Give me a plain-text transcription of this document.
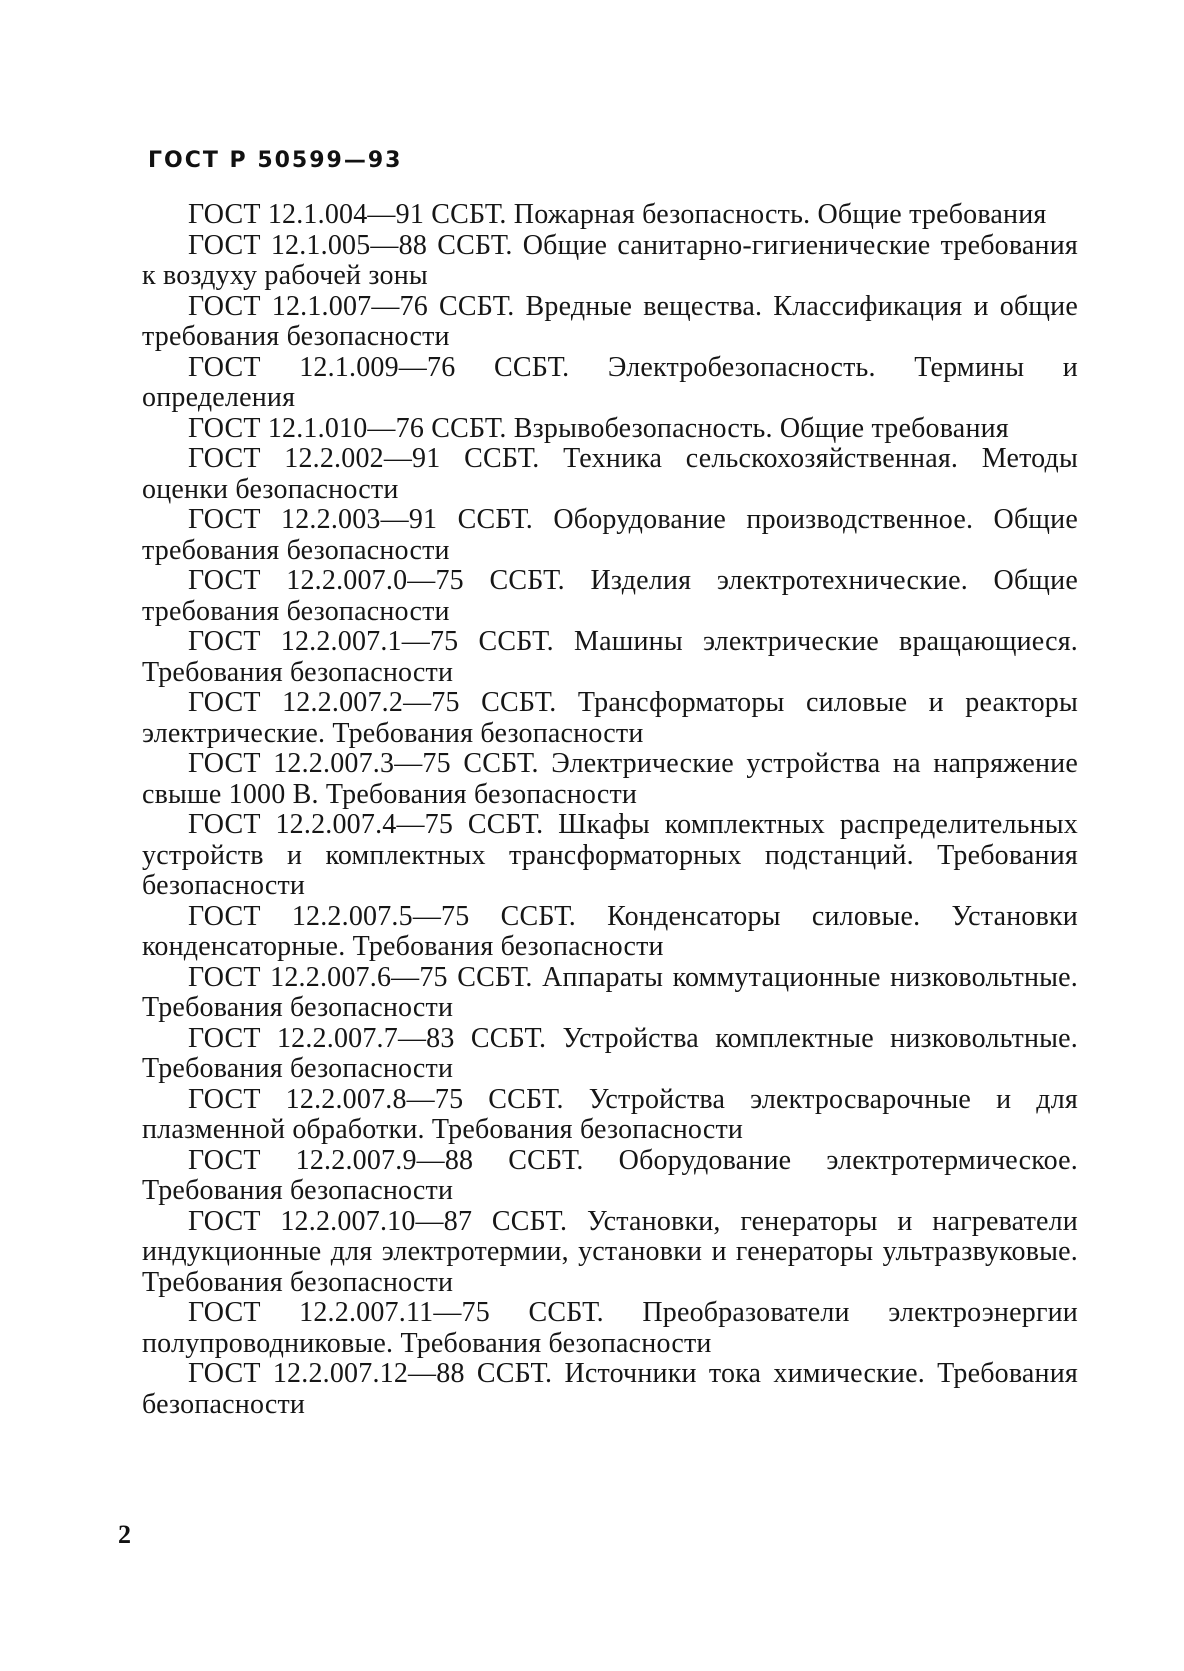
ГОСТ Р 50599—93
ГОСТ 12.1.004—91 ССБТ. Пожарная безопасность. Общие требования
ГОСТ 12.1.005—88 ССБТ. Общие санитарно-гигиенические требования к воздуху рабочей зоны
ГОСТ 12.1.007—76 ССБТ. Вредные вещества. Классификация и общие требования безопасности
ГОСТ 12.1.009—76 ССБТ. Электробезопасность. Термины и определения
ГОСТ 12.1.010—76 ССБТ. Взрывобезопасность. Общие требования
ГОСТ 12.2.002—91 ССБТ. Техника сельскохозяйственная. Методы оценки безопасности
ГОСТ 12.2.003—91 ССБТ. Оборудование производственное. Общие требования безопасности
ГОСТ 12.2.007.0—75 ССБТ. Изделия электротехнические. Общие требования безопасности
ГОСТ 12.2.007.1—75 ССБТ. Машины электрические вращающиеся. Требования безопасности
ГОСТ 12.2.007.2—75 ССБТ. Трансформаторы силовые и реакторы электрические. Требования безопасности
ГОСТ 12.2.007.3—75 ССБТ. Электрические устройства на напряжение свыше 1000 В. Требования безопасности
ГОСТ 12.2.007.4—75 ССБТ. Шкафы комплектных распределительных устройств и комплектных трансформаторных подстанций. Требования безопасности
ГОСТ 12.2.007.5—75 ССБТ. Конденсаторы силовые. Установки конденсаторные. Требования безопасности
ГОСТ 12.2.007.6—75 ССБТ. Аппараты коммутационные низковольтные. Требования безопасности
ГОСТ 12.2.007.7—83 ССБТ. Устройства комплектные низковольтные. Требования безопасности
ГОСТ 12.2.007.8—75 ССБТ. Устройства электросварочные и для плазменной обработки. Требования безопасности
ГОСТ 12.2.007.9—88 ССБТ. Оборудование электротермическое. Требования безопасности
ГОСТ 12.2.007.10—87 ССБТ. Установки, генераторы и нагреватели индукционные для электротермии, установки и генераторы ультразвуковые. Требования безопасности
ГОСТ 12.2.007.11—75 ССБТ. Преобразователи электроэнергии полупроводниковые. Требования безопасности
ГОСТ 12.2.007.12—88 ССБТ. Источники тока химические. Требования безопасности
2
